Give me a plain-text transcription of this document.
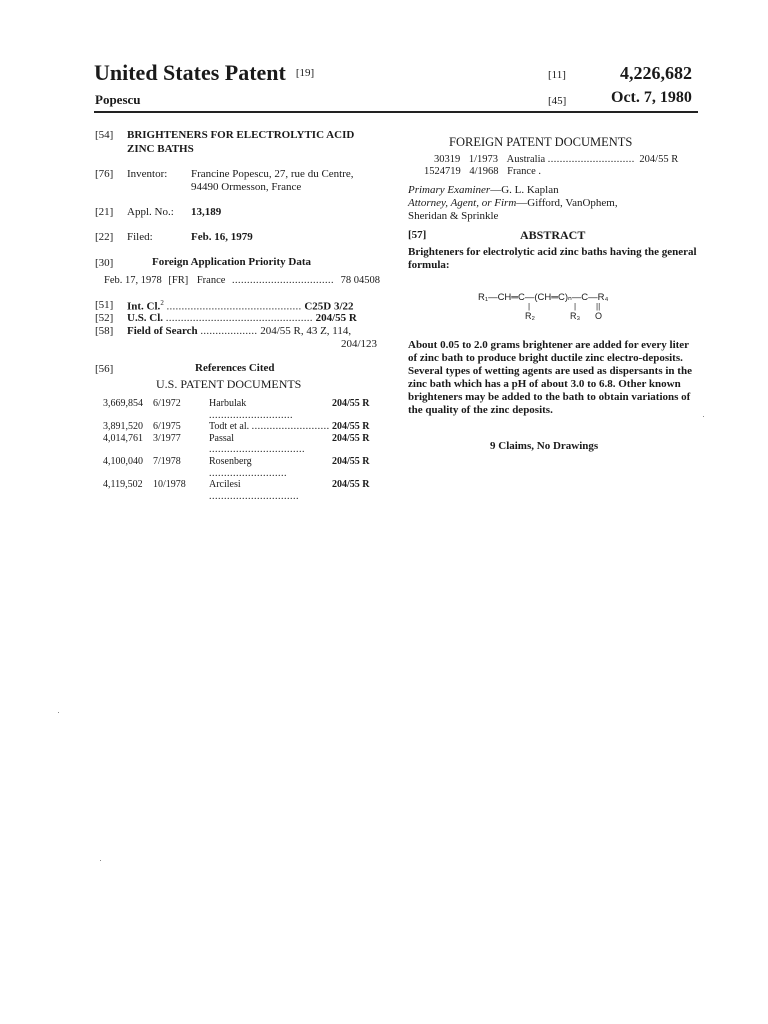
United States Patent [19]
Popescu
[11]	4,226,682
[45]	Oct. 7, 1980
[54] BRIGHTENERS FOR ELECTROLYTIC ACID
ZINC BATHS
[76] Inventor: Francine Popescu, 27, rue du Centre,
94490 Ormesson, France
[21] Appl. No.: 13,189
[22] Filed:	Feb. 16, 1979
[30]	Foreign Application Priority Data
Feb. 17, 1978 [FR] France .................................. 78 04508
[51] Int. Cl.$^2$ ............................................. C25D 3/22
[52] U.S. Cl. ................................................. 204/55 R
[58] Field of Search ................... 204/55 R, 43 Z, 114,
204/123
[56]	References Cited
U.S. PATENT DOCUMENTS
3,669,854	6/1972	Harbulak ............................
204/55 R
3,891,520	6/1975	Todt et al. .......................... 204/55 R
4,014,761	3/1977	Passal ................................
204/55 R
4,100,040	7/1978	Rosenberg ..........................
204/55 R
4,119,502	10/1978	Arcilesi ..............................
204/55 R
FOREIGN PATENT DOCUMENTS
30319 1/1973 Australia ............................. 204/55 R
1524719 4/1968 France .
Primary Examiner—G. L. Kaplan
Attorney, Agent, or Firm—Gifford, VanOphem,
Sheridan & Sprinkle
[57]	ABSTRACT
Brighteners for electrolytic acid zinc baths having the general formula:
R₁—CH═C—(CH═C)ₙ—C—R₄
|	| ||
R₂	R₃ O
About 0.05 to 2.0 grams brightener are added for every liter of zinc bath to produce bright ductile zinc electro-deposits. Several types of wetting agents are used as dispersants in the zinc bath which has a pH of about 3.0 to 6.8. Other known brighteners may be added to the bath to obtain variations of the quality of the zinc deposits.
9 Claims, No Drawings
